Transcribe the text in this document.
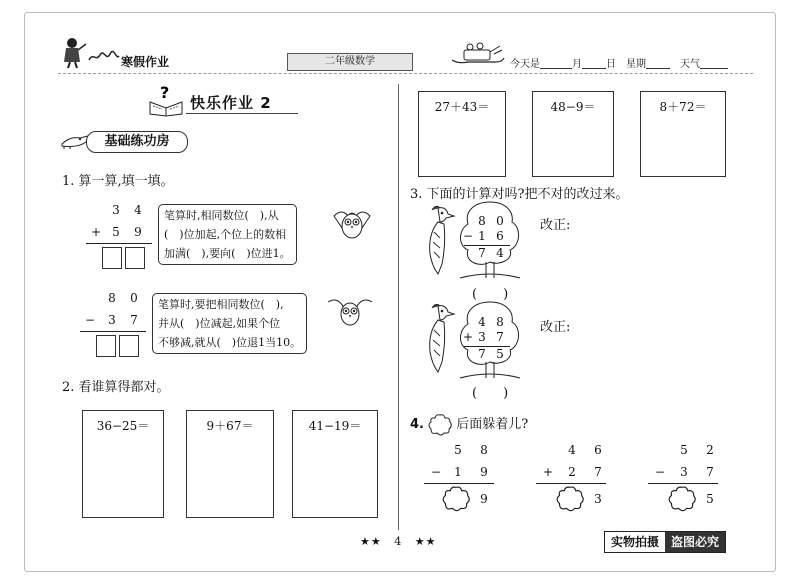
寒假作业	二年级数学	今天是	月 日　 星期　	天气
?
快乐作业 2
基础练功房
1. 算一算,填一填。
3 4
+ 5 9
笔算时,相同数位(　),从
(　)位加起,个位上的数相
加满(　),要向(　)位进1。
8 0
− 3 7
笔算时,要把相同数位(　),
并从(　)位减起,如果个位
不够减,就从(　)位退1当10。
2. 看谁算得都对。
36−25＝	9＋67＝	41−19＝
27＋43＝	48−9＝	8＋72＝
3. 下面的计算对吗?把不对的改过来。
8 0
− 1 6
7 4
改正:
(　　)
4 8
+ 3 7
7 5
改正:
(　　)
4. 后面躲着儿?
5 8
− 1 9
9
4 6
+ 2 7
3
5 2
− 3 7
5
★★ 4 ★★	实物拍摄	盗图必究
